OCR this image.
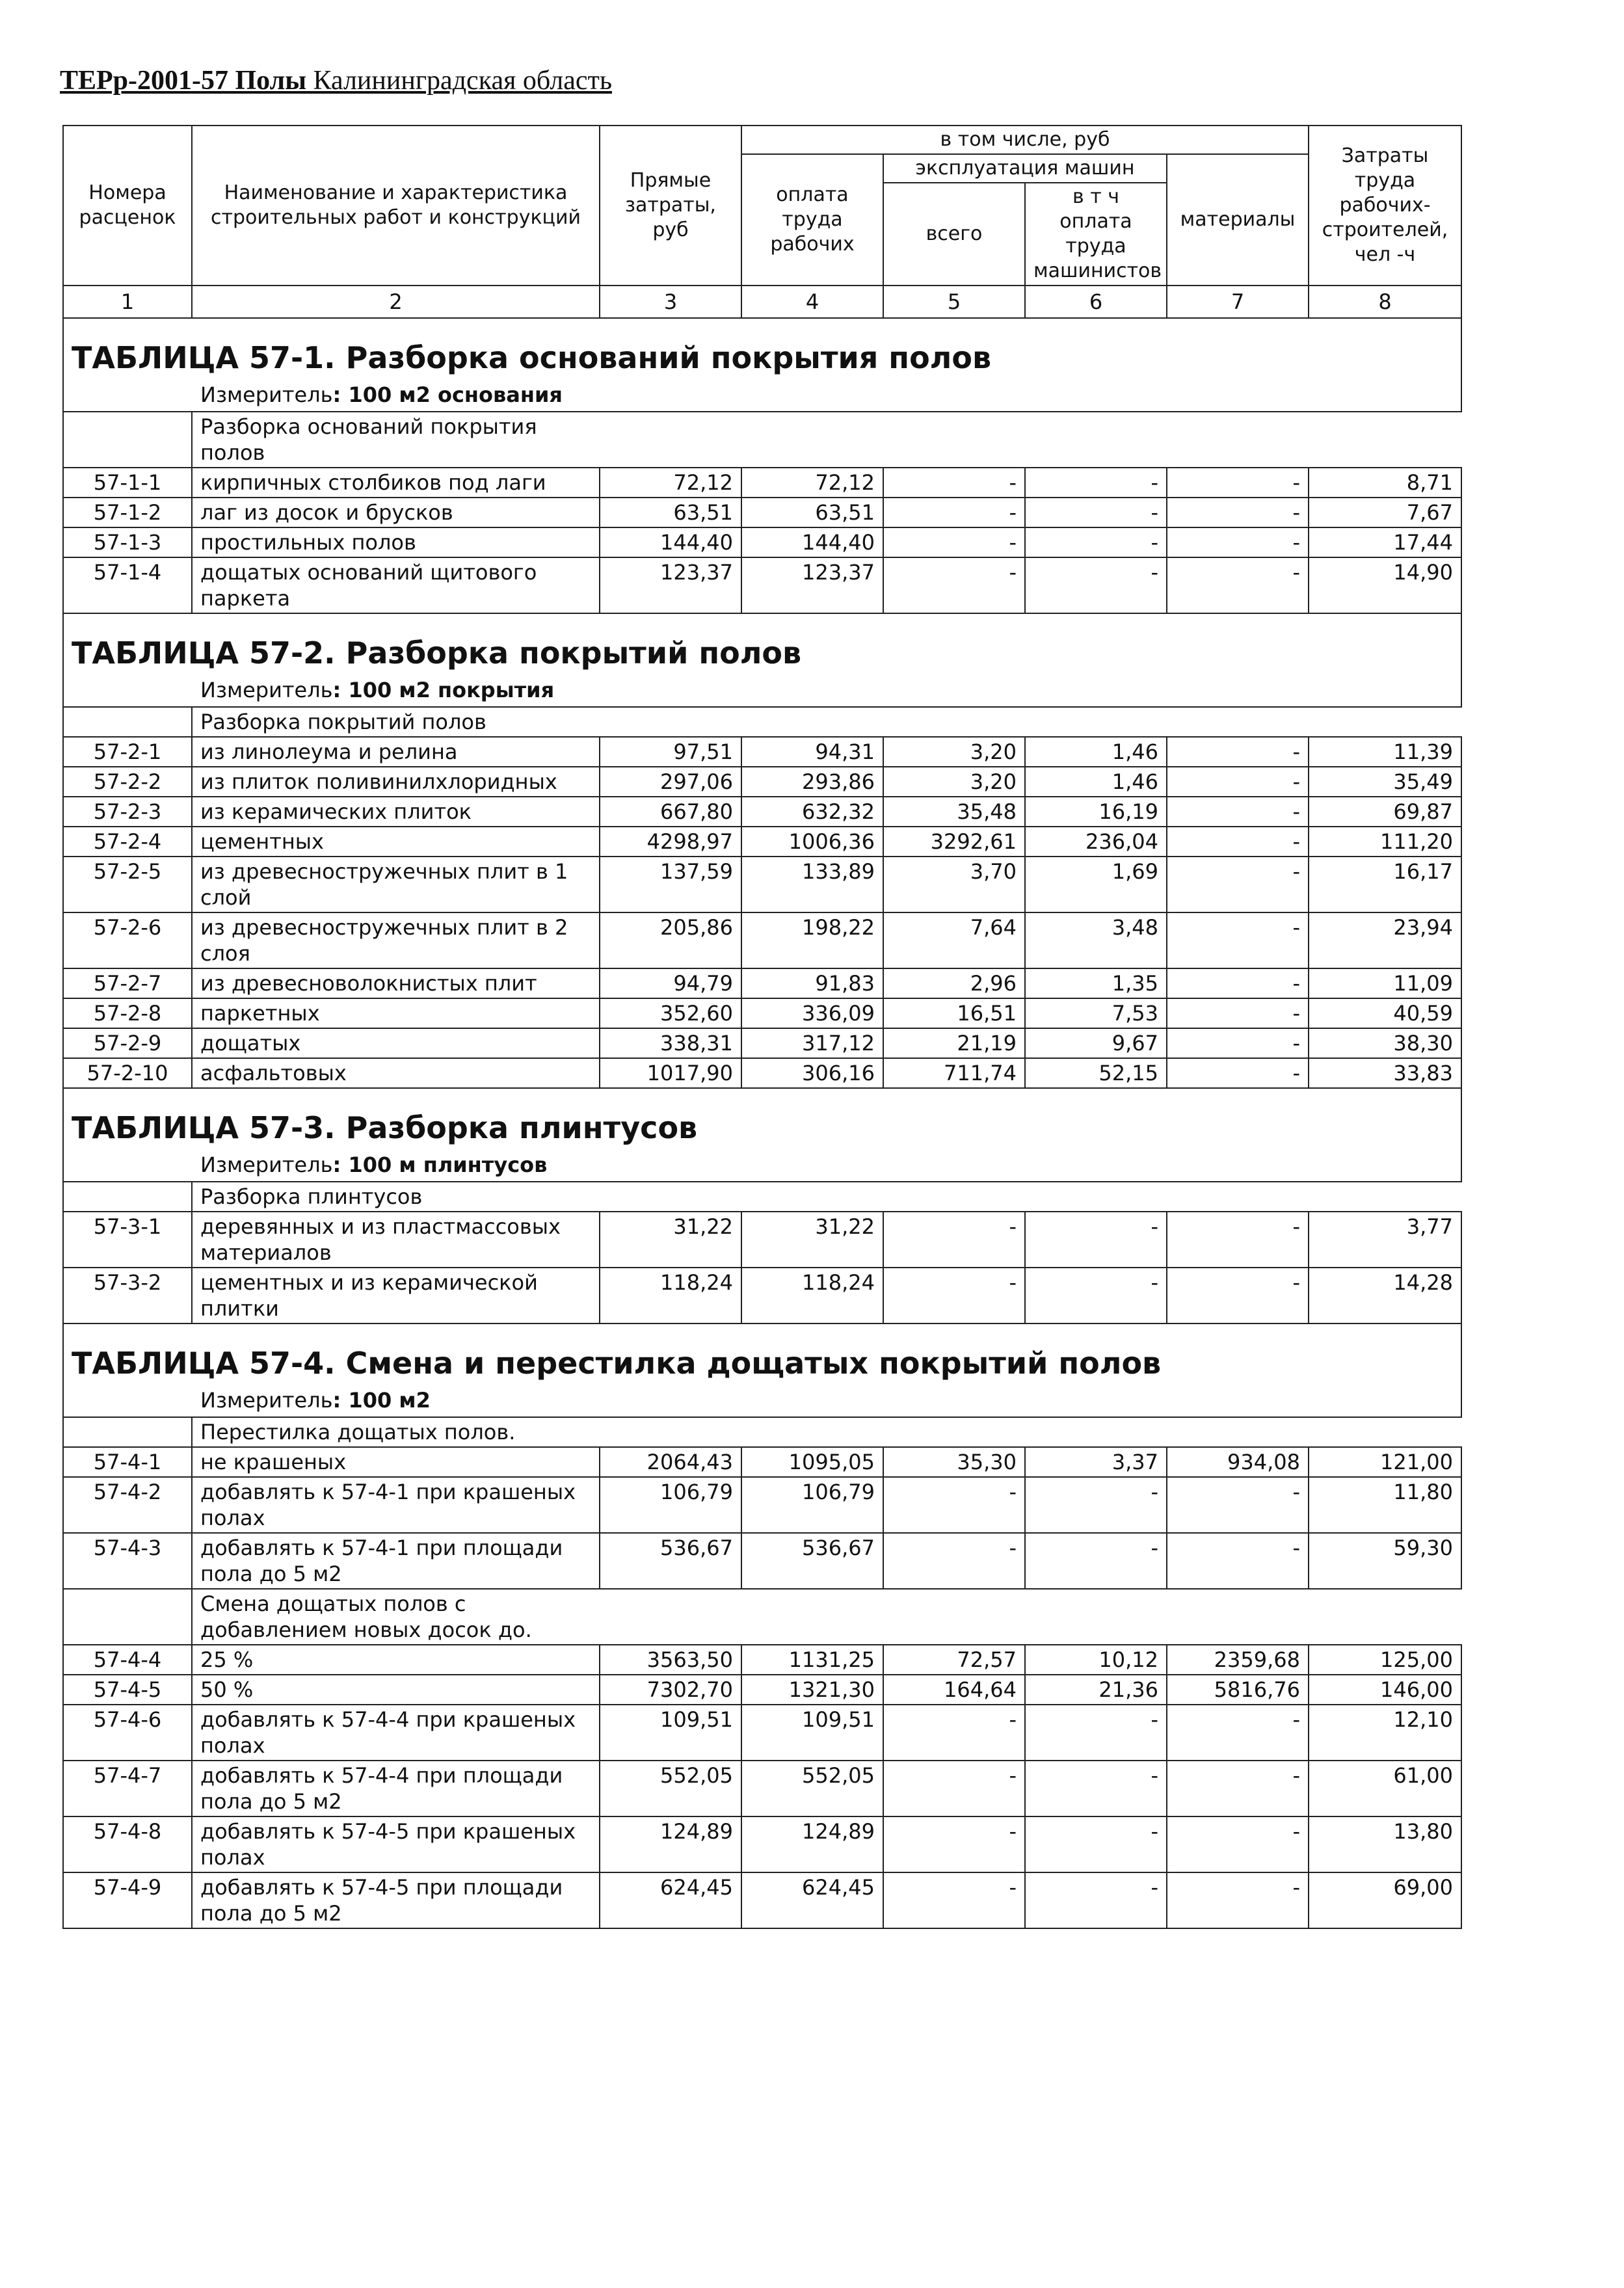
ТЕРр-2001-57 Полы Калининградская область
Номера расценок	Наименование и характеристика строительных работ и конструкций	Прямые затраты, руб	в том числе, руб				Затраты труда рабочих-строителей, чел -ч
			оплата труда рабочих	эксплуатация машин		материалы	
				всего	в т ч оплата труда машинистов		
1	2	3	4	5	6	7	8
ТАБЛИЦА 57-1. Разборка оснований покрытия полов							
Измеритель: 100 м2 основания							
	Разборка оснований покрытия полов						
57-1-1	кирпичных столбиков под лаги	72,12	72,12	-	-	-	8,71
57-1-2	лаг из досок и брусков	63,51	63,51	-	-	-	7,67
57-1-3	простильных полов	144,40	144,40	-	-	-	17,44
57-1-4	дощатых оснований щитового паркета	123,37	123,37	-	-	-	14,90
ТАБЛИЦА 57-2. Разборка покрытий полов							
Измеритель: 100 м2 покрытия							
	Разборка покрытий полов						
57-2-1	из линолеума и релина	97,51	94,31	3,20	1,46	-	11,39
57-2-2	из плиток поливинилхлоридных	297,06	293,86	3,20	1,46	-	35,49
57-2-3	из керамических плиток	667,80	632,32	35,48	16,19	-	69,87
57-2-4	цементных	4298,97	1006,36	3292,61	236,04	-	111,20
57-2-5	из древесностружечных плит в 1 слой	137,59	133,89	3,70	1,69	-	16,17
57-2-6	из древесностружечных плит в 2 слоя	205,86	198,22	7,64	3,48	-	23,94
57-2-7	из древесноволокнистых плит	94,79	91,83	2,96	1,35	-	11,09
57-2-8	паркетных	352,60	336,09	16,51	7,53	-	40,59
57-2-9	дощатых	338,31	317,12	21,19	9,67	-	38,30
57-2-10	асфальтовых	1017,90	306,16	711,74	52,15	-	33,83
ТАБЛИЦА 57-3. Разборка плинтусов							
Измеритель: 100 м плинтусов							
	Разборка плинтусов						
57-3-1	деревянных и из пластмассовых материалов	31,22	31,22	-	-	-	3,77
57-3-2	цементных и из керамической плитки	118,24	118,24	-	-	-	14,28
ТАБЛИЦА 57-4. Смена и перестилка дощатых покрытий полов							
Измеритель: 100 м2							
	Перестилка дощатых полов.						
57-4-1	не крашеных	2064,43	1095,05	35,30	3,37	934,08	121,00
57-4-2	добавлять к 57-4-1 при крашеных полах	106,79	106,79	-	-	-	11,80
57-4-3	добавлять к 57-4-1 при площади пола до 5 м2	536,67	536,67	-	-	-	59,30
	Смена дощатых полов с добавлением новых досок до.						
57-4-4	25 %	3563,50	1131,25	72,57	10,12	2359,68	125,00
57-4-5	50 %	7302,70	1321,30	164,64	21,36	5816,76	146,00
57-4-6	добавлять к 57-4-4 при крашеных полах	109,51	109,51	-	-	-	12,10
57-4-7	добавлять к 57-4-4 при площади пола до 5 м2	552,05	552,05	-	-	-	61,00
57-4-8	добавлять к 57-4-5 при крашеных полах	124,89	124,89	-	-	-	13,80
57-4-9	добавлять к 57-4-5 при площади пола до 5 м2	624,45	624,45	-	-	-	69,00
